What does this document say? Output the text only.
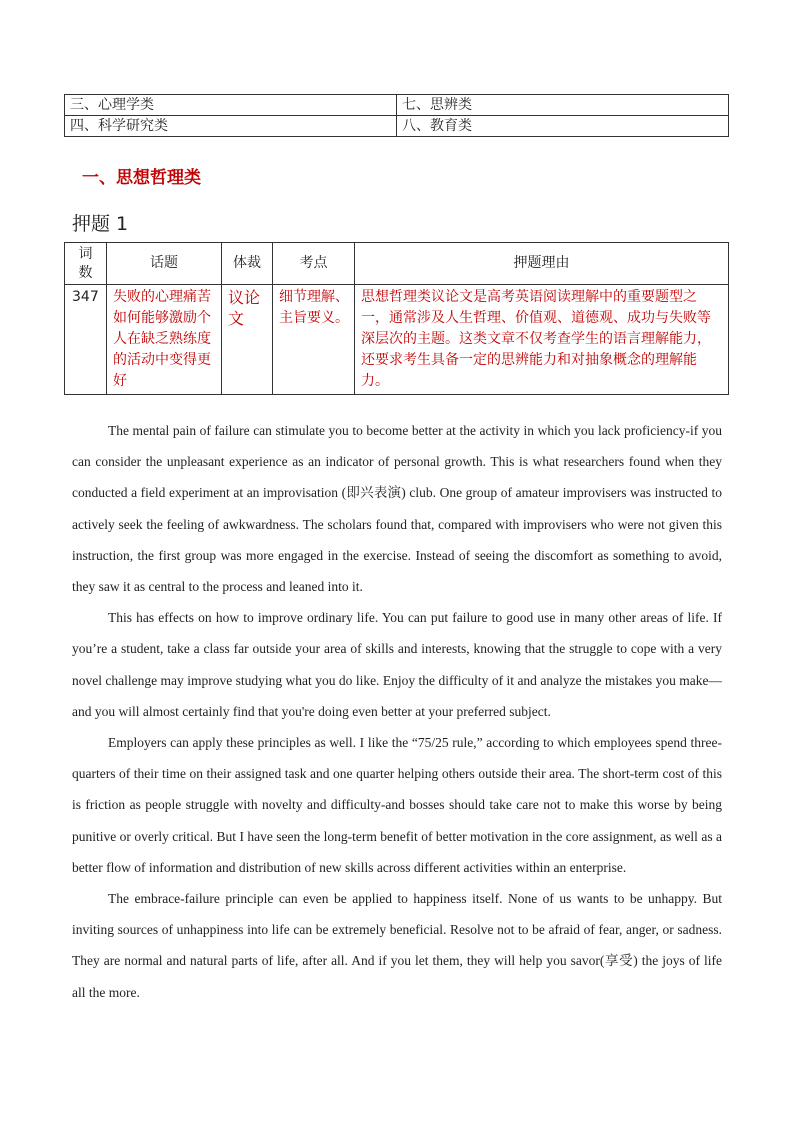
三、心理学类	七、思辨类
四、科学研究类	八、教育类
一、思想哲理类
押题 1
词数	话题	体裁	考点	押题理由
347	失败的心理痛苦如何能够激励个人在缺乏熟练度的活动中变得更好	议论文	细节理解、主旨要义。	思想哲理类议论文是高考英语阅读理解中的重要题型之一，通常涉及人生哲理、价值观、道德观、成功与失败等深层次的主题。这类文章不仅考查学生的语言理解能力，还要求考生具备一定的思辨能力和对抽象概念的理解能力。

The mental pain of failure can stimulate you to become better at the activity in which you lack proficiency-if you can consider the unpleasant experience as an indicator of personal growth. This is what researchers found when they conducted a field experiment at an improvisation (即兴表演) club. One group of amateur improvisers was instructed to actively seek the feeling of awkwardness. The scholars found that, compared with improvisers who were not given this instruction, the first group was more engaged in the exercise. Instead of seeing the discomfort as something to avoid, they saw it as central to the process and leaned into it.

This has effects on how to improve ordinary life. You can put failure to good use in many other areas of life. If you’re a student, take a class far outside your area of skills and interests, knowing that the struggle to cope with a very novel challenge may improve studying what you do like. Enjoy the difficulty of it and analyze the mistakes you make—and you will almost certainly find that you're doing even better at your preferred subject.

Employers can apply these principles as well. I like the “75/25 rule,” according to which employees spend three-quarters of their time on their assigned task and one quarter helping others outside their area. The short-term cost of this is friction as people struggle with novelty and difficulty-and bosses should take care not to make this worse by being punitive or overly critical. But I have seen the long-term benefit of better motivation in the core assignment, as well as a better flow of information and distribution of new skills across different activities within an enterprise.

The embrace-failure principle can even be applied to happiness itself. None of us wants to be unhappy. But inviting sources of unhappiness into life can be extremely beneficial. Resolve not to be afraid of fear, anger, or sadness. They are normal and natural parts of life, after all. And if you let them, they will help you savor(享受) the joys of life all the more.
